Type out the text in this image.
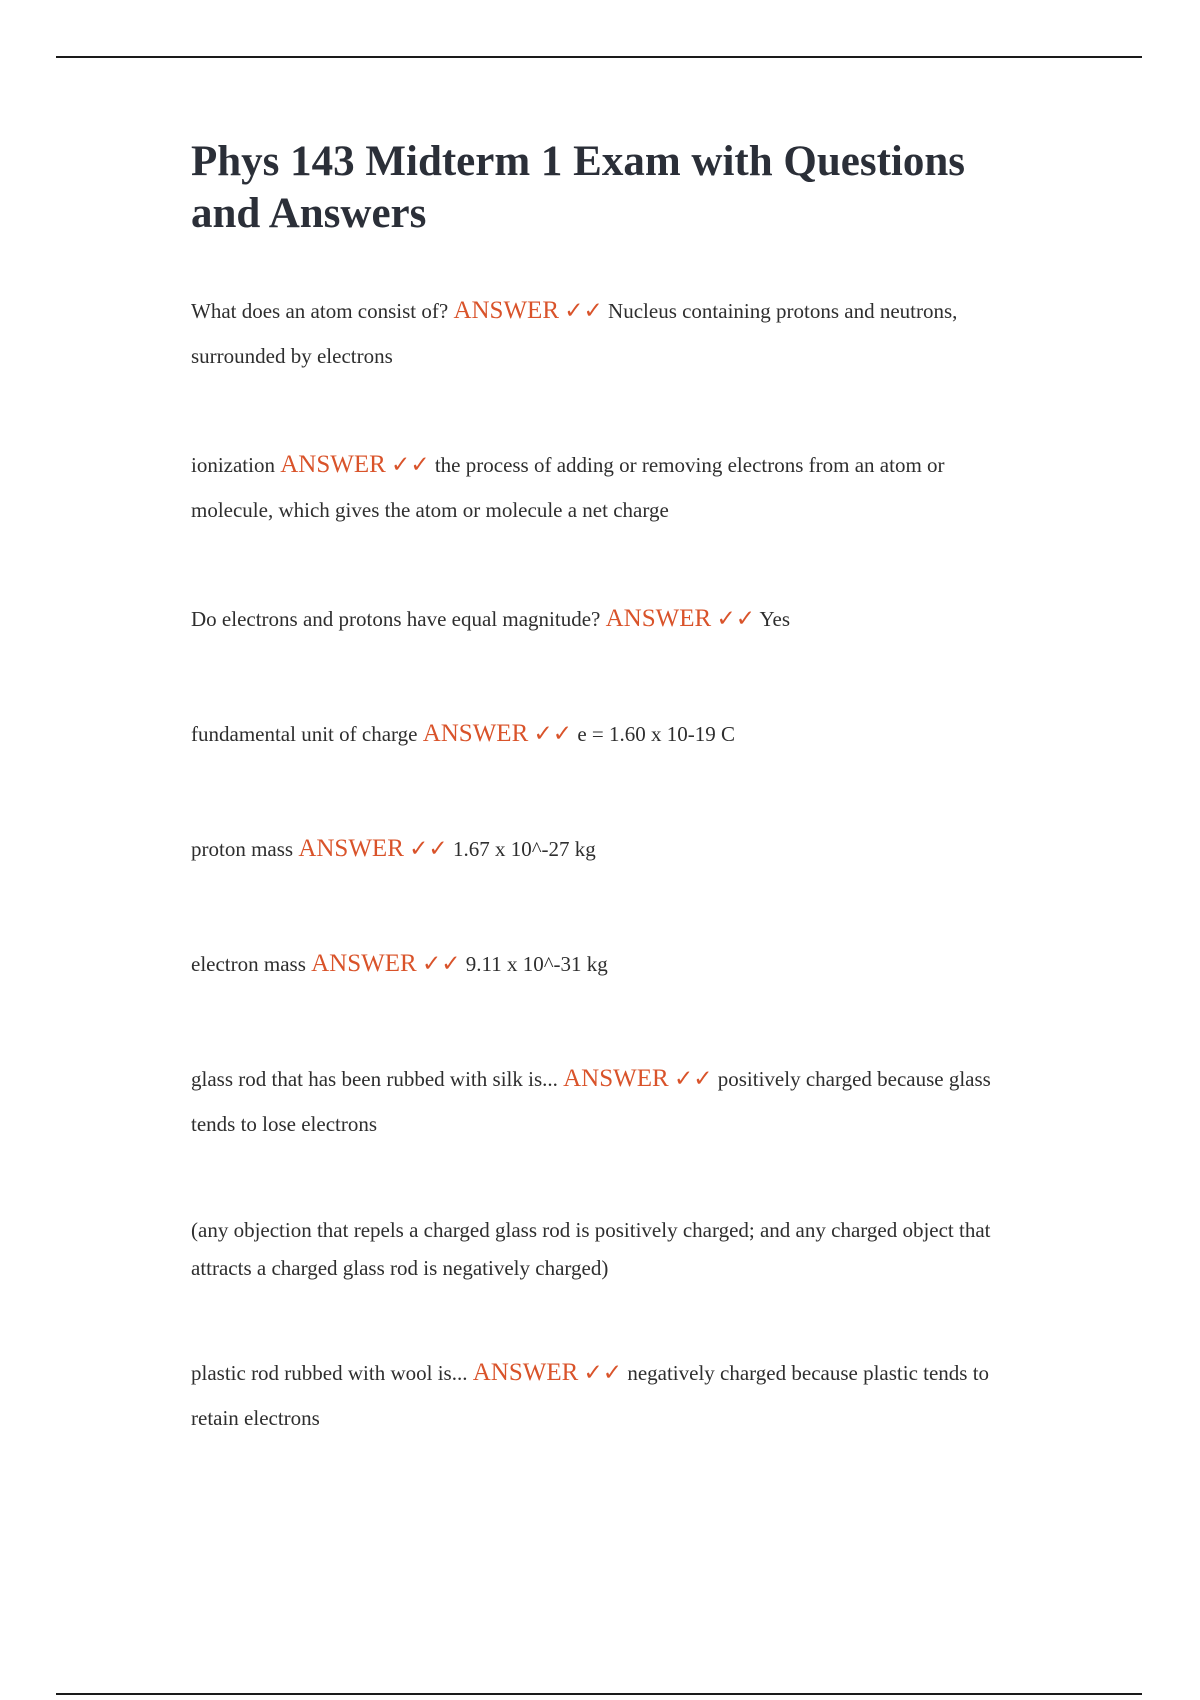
Phys 143 Midterm 1 Exam with Questions and Answers
What does an atom consist of? ANSWER ✓✓ Nucleus containing protons and neutrons, surrounded by electrons
ionization ANSWER ✓✓ the process of adding or removing electrons from an atom or molecule, which gives the atom or molecule a net charge
Do electrons and protons have equal magnitude? ANSWER ✓✓ Yes
fundamental unit of charge ANSWER ✓✓ e = 1.60 x 10-19 C
proton mass ANSWER ✓✓ 1.67 x 10^-27 kg
electron mass ANSWER ✓✓ 9.11 x 10^-31 kg
glass rod that has been rubbed with silk is... ANSWER ✓✓ positively charged because glass tends to lose electrons
(any objection that repels a charged glass rod is positively charged; and any charged object that attracts a charged glass rod is negatively charged)
plastic rod rubbed with wool is... ANSWER ✓✓ negatively charged because plastic tends to retain electrons
